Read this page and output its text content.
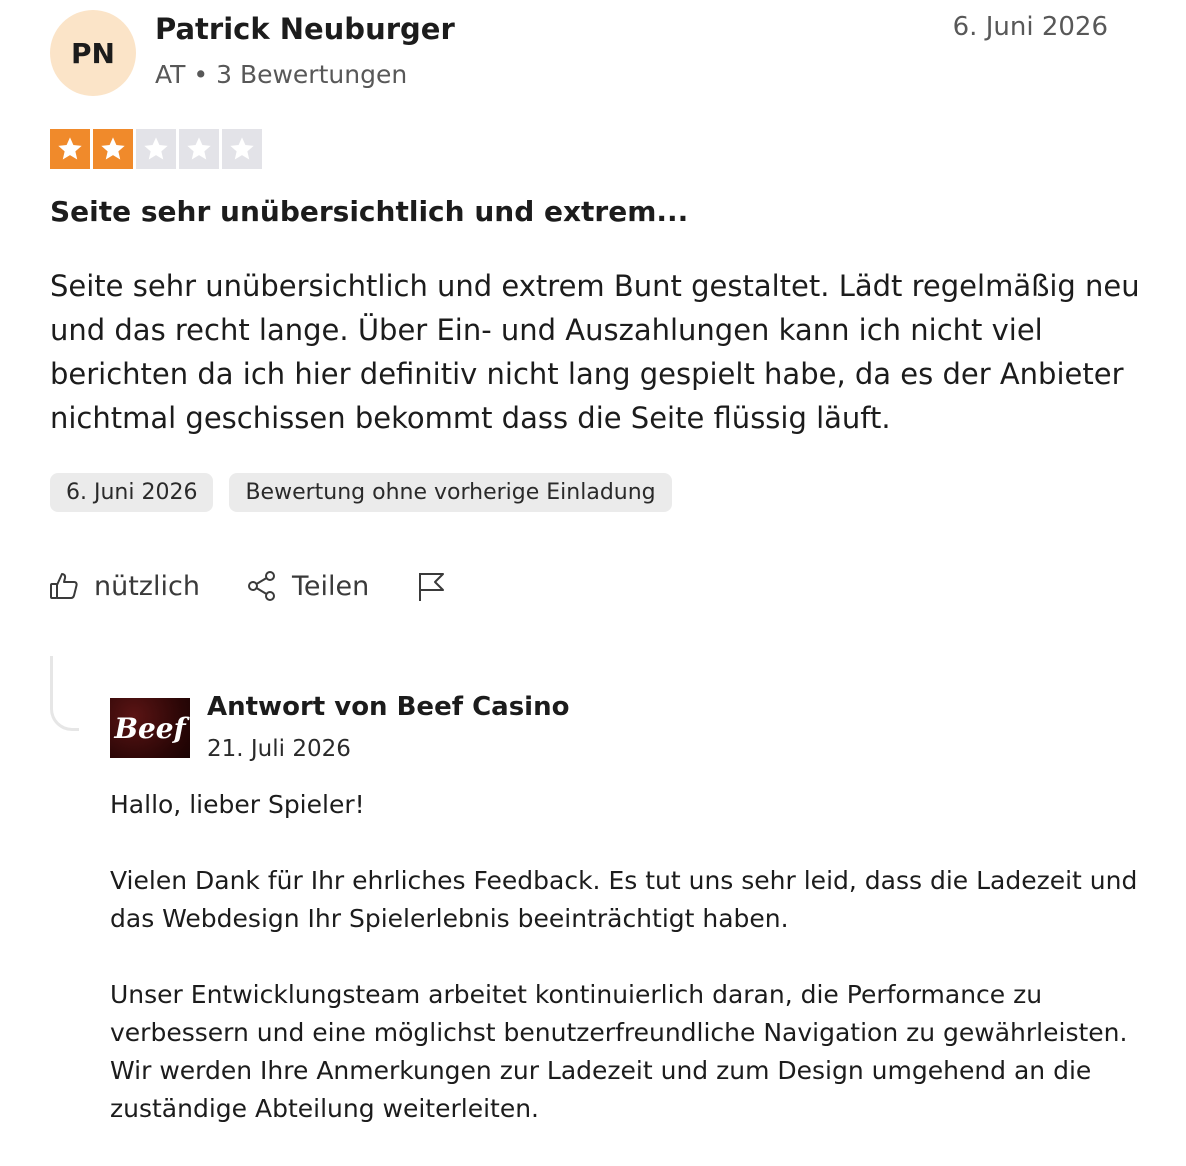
PN
Patrick Neuburger
AT • 3 Bewertungen
6. Juni 2026
Seite sehr unübersichtlich und extrem...
Seite sehr unübersichtlich und extrem Bunt gestaltet. Lädt regelmäßig neu und das recht lange. Über Ein- und Auszahlungen kann ich nicht viel berichten da ich hier definitiv nicht lang gespielt habe, da es der Anbieter nichtmal geschissen bekommt dass die Seite flüssig läuft.
6. Juni 2026	Bewertung ohne vorherige Einladung
nützlich	Teilen
Beef
Antwort von Beef Casino
21. Juli 2026

Hallo, lieber Spieler!

Vielen Dank für Ihr ehrliches Feedback. Es tut uns sehr leid, dass die Ladezeit und das Webdesign Ihr Spielerlebnis beeinträchtigt haben.

Unser Entwicklungsteam arbeitet kontinuierlich daran, die Performance zu verbessern und eine möglichst benutzerfreundliche Navigation zu gewährleisten. Wir werden Ihre Anmerkungen zur Ladezeit und zum Design umgehend an die zuständige Abteilung weiterleiten.
